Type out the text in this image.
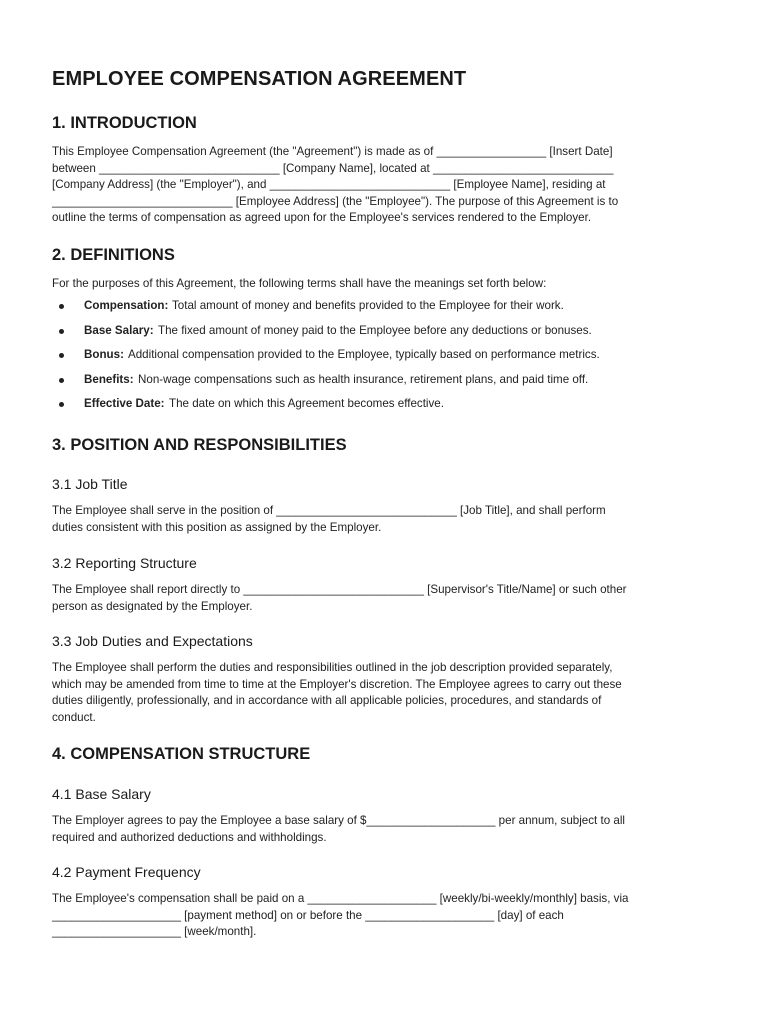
EMPLOYEE COMPENSATION AGREEMENT
1. INTRODUCTION

This Employee Compensation Agreement (the "Agreement") is made as of _________________ [Insert Date]
between ____________________________ [Company Name], located at ____________________________
[Company Address] (the "Employer"), and ____________________________ [Employee Name], residing at
____________________________ [Employee Address] (the "Employee"). The purpose of this Agreement is to
outline the terms of compensation as agreed upon for the Employee's services rendered to the Employer.

2. DEFINITIONS

For the purposes of this Agreement, the following terms shall have the meanings set forth below:

Compensation: Total amount of money and benefits provided to the Employee for their work.
Base Salary: The fixed amount of money paid to the Employee before any deductions or bonuses.
Bonus: Additional compensation provided to the Employee, typically based on performance metrics.
Benefits: Non-wage compensations such as health insurance, retirement plans, and paid time off.
Effective Date: The date on which this Agreement becomes effective.
3. POSITION AND RESPONSIBILITIES
3.1 Job Title

The Employee shall serve in the position of ____________________________ [Job Title], and shall perform
duties consistent with this position as assigned by the Employer.

3.2 Reporting Structure

The Employee shall report directly to ____________________________ [Supervisor's Title/Name] or such other
person as designated by the Employer.

3.3 Job Duties and Expectations

The Employee shall perform the duties and responsibilities outlined in the job description provided separately,
which may be amended from time to time at the Employer's discretion. The Employee agrees to carry out these
duties diligently, professionally, and in accordance with all applicable policies, procedures, and standards of
conduct.

4. COMPENSATION STRUCTURE
4.1 Base Salary

The Employer agrees to pay the Employee a base salary of $____________________ per annum, subject to all
required and authorized deductions and withholdings.

4.2 Payment Frequency

The Employee's compensation shall be paid on a ____________________ [weekly/bi-weekly/monthly] basis, via
____________________ [payment method] on or before the ____________________ [day] of each
____________________ [week/month].
